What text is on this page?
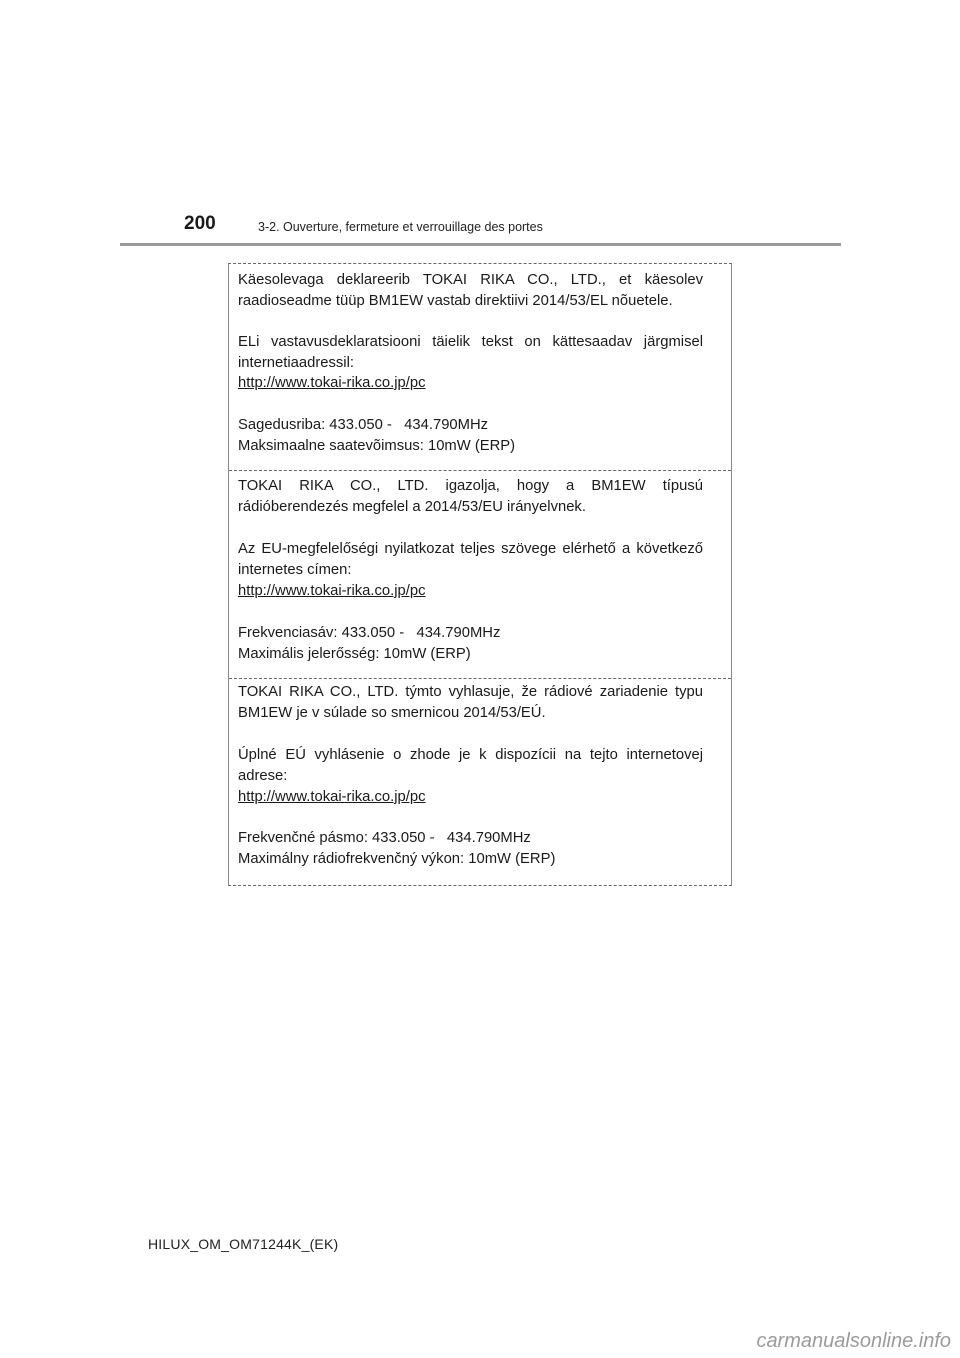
200	3-2. Ouverture, fermeture et verrouillage des portes

Käesolevaga deklareerib TOKAI RIKA CO., LTD., et käesolev raadioseadme tüüp BM1EW vastab direktiivi 2014/53/EL nõuetele.

ELi vastavusdeklaratsiooni täielik tekst on kättesaadav järgmisel internetiaadressil:

http://www.tokai-rika.co.jp/pc
Sagedusriba: 433.050 -   434.790MHz
Maksimaalne saatevõimsus: 10mW (ERP)

TOKAI RIKA CO., LTD. igazolja, hogy a BM1EW típusú rádióberendezés megfelel a 2014/53/EU irányelvnek.

Az EU-megfelelőségi nyilatkozat teljes szövege elérhető a következő internetes címen:

http://www.tokai-rika.co.jp/pc
Frekvenciasáv: 433.050 -   434.790MHz
Maximális jelerősség: 10mW (ERP)

TOKAI RIKA CO., LTD. týmto vyhlasuje, že rádiové zariadenie typu BM1EW je v súlade so smernicou 2014/53/EÚ.

Úplné EÚ vyhlásenie o zhode je k dispozícii na tejto internetovej adrese:

http://www.tokai-rika.co.jp/pc
Frekvenčné pásmo: 433.050 -   434.790MHz
Maximálny rádiofrekvenčný výkon: 10mW (ERP)
HILUX_OM_OM71244K_(EK)
carmanualsonline.info
